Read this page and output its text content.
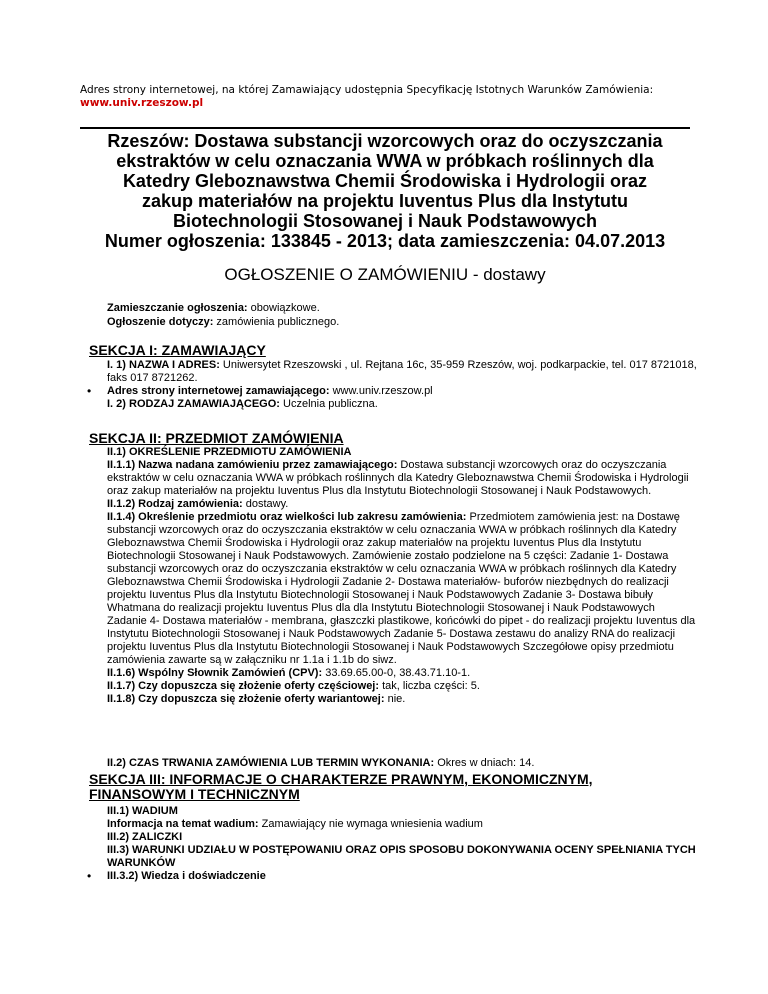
Adres strony internetowej, na której Zamawiający udostępnia Specyfikację Istotnych Warunków Zamówienia:
www.univ.rzeszow.pl
Rzeszów: Dostawa substancji wzorcowych oraz do oczyszczania
ekstraktów w celu oznaczania WWA w próbkach roślinnych dla
Katedry Gleboznawstwa Chemii Środowiska i Hydrologii oraz
zakup materiałów na projektu Iuventus Plus dla Instytutu
Biotechnologii Stosowanej i Nauk Podstawowych
Numer ogłoszenia: 133845 - 2013; data zamieszczenia: 04.07.2013
OGŁOSZENIE O ZAMÓWIENIU - dostawy
Zamieszczanie ogłoszenia: obowiązkowe.
Ogłoszenie dotyczy: zamówienia publicznego.
SEKCJA I: ZAMAWIAJĄCY
I. 1) NAZWA I ADRES: Uniwersytet Rzeszowski , ul. Rejtana 16c, 35-959 Rzeszów, woj. podkarpackie, tel. 017 8721018, faks 017 8721262.
• Adres strony internetowej zamawiającego: www.univ.rzeszow.pl
I. 2) RODZAJ ZAMAWIAJĄCEGO: Uczelnia publiczna.
SEKCJA II: PRZEDMIOT ZAMÓWIENIA
II.1) OKREŚLENIE PRZEDMIOTU ZAMÓWIENIA
II.1.1) Nazwa nadana zamówieniu przez zamawiającego: Dostawa substancji wzorcowych oraz do oczyszczania ekstraktów w celu oznaczania WWA w próbkach roślinnych dla Katedry Gleboznawstwa Chemii Środowiska i Hydrologii oraz zakup materiałów na projektu Iuventus Plus dla Instytutu Biotechnologii Stosowanej i Nauk Podstawowych.
II.1.2) Rodzaj zamówienia: dostawy.
II.1.4) Określenie przedmiotu oraz wielkości lub zakresu zamówienia: Przedmiotem zamówienia jest: na Dostawę substancji wzorcowych oraz do oczyszczania ekstraktów w celu oznaczania WWA w próbkach roślinnych dla Katedry Gleboznawstwa Chemii Środowiska i Hydrologii oraz zakup materiałów na projektu Iuventus Plus dla Instytutu Biotechnologii Stosowanej i Nauk Podstawowych. Zamówienie zostało podzielone na 5 części: Zadanie 1- Dostawa substancji wzorcowych oraz do oczyszczania ekstraktów w celu oznaczania WWA w próbkach roślinnych dla Katedry Gleboznawstwa Chemii Środowiska i Hydrologii Zadanie 2- Dostawa materiałów- buforów niezbędnych do realizacji projektu Iuventus Plus dla Instytutu Biotechnologii Stosowanej i Nauk Podstawowych Zadanie 3- Dostawa bibuły Whatmana do realizacji projektu Iuventus Plus dla dla Instytutu Biotechnologii Stosowanej i Nauk Podstawowych Zadanie 4- Dostawa materiałów - membrana, głaszczki plastikowe, końcówki do pipet - do realizacji projektu Iuventus dla Instytutu Biotechnologii Stosowanej i Nauk Podstawowych Zadanie 5- Dostawa zestawu do analizy RNA do realizacji projektu Iuventus Plus dla Instytutu Biotechnologii Stosowanej i Nauk Podstawowych Szczegółowe opisy przedmiotu zamówienia zawarte są w załączniku nr 1.1a i 1.1b do siwz.
II.1.6) Wspólny Słownik Zamówień (CPV): 33.69.65.00-0, 38.43.71.10-1.
II.1.7) Czy dopuszcza się złożenie oferty częściowej: tak, liczba części: 5.
II.1.8) Czy dopuszcza się złożenie oferty wariantowej: nie.
II.2) CZAS TRWANIA ZAMÓWIENIA LUB TERMIN WYKONANIA: Okres w dniach: 14.
SEKCJA III: INFORMACJE O CHARAKTERZE PRAWNYM, EKONOMICZNYM, FINANSOWYM I TECHNICZNYM
III.1) WADIUM
Informacja na temat wadium: Zamawiający nie wymaga wniesienia wadium
III.2) ZALICZKI
III.3) WARUNKI UDZIAŁU W POSTĘPOWANIU ORAZ OPIS SPOSOBU DOKONYWANIA OCENY SPEŁNIANIA TYCH WARUNKÓW
• III.3.2) Wiedza i doświadczenie
